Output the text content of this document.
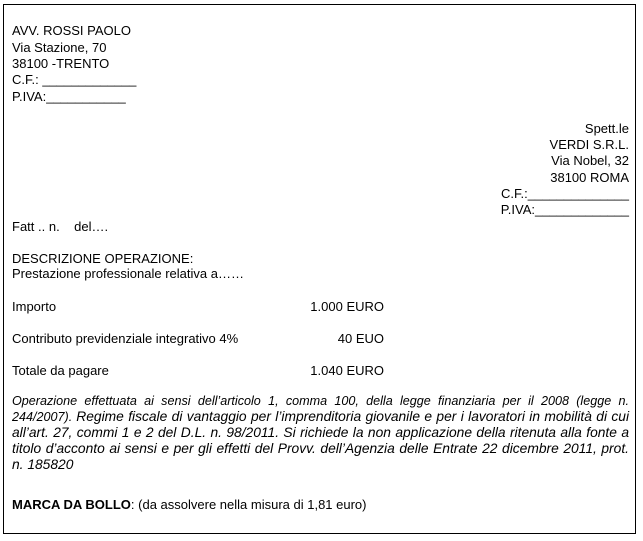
AVV. ROSSI PAOLO
Via Stazione, 70
38100 -TRENTO
C.F.: _____________
P.IVA:___________
Spett.le
VERDI S.R.L.
Via Nobel, 32
38100 ROMA
C.F.:______________
P.IVA:_____________
Fatt .. n.    del….
DESCRIZIONE OPERAZIONE:
Prestazione professionale relativa a……
Importo	1.000 EURO
Contributo previdenziale integrativo 4%	40 EUO
Totale da pagare	1.040 EURO
Operazione effettuata ai sensi dell’articolo 1, comma 100, della legge finanziaria per il 2008 (legge n. 244/2007). Regime fiscale di vantaggio per l’imprenditoria giovanile e per i lavoratori in mobilità di cui all’art. 27, commi 1 e 2 del D.L. n. 98/2011. Si richiede la non applicazione della ritenuta alla fonte a titolo d’acconto ai sensi e per gli effetti del Provv. dell’Agenzia delle Entrate 22 dicembre 2011, prot. n. 185820
MARCA DA BOLLO: (da assolvere nella misura di 1,81 euro)
